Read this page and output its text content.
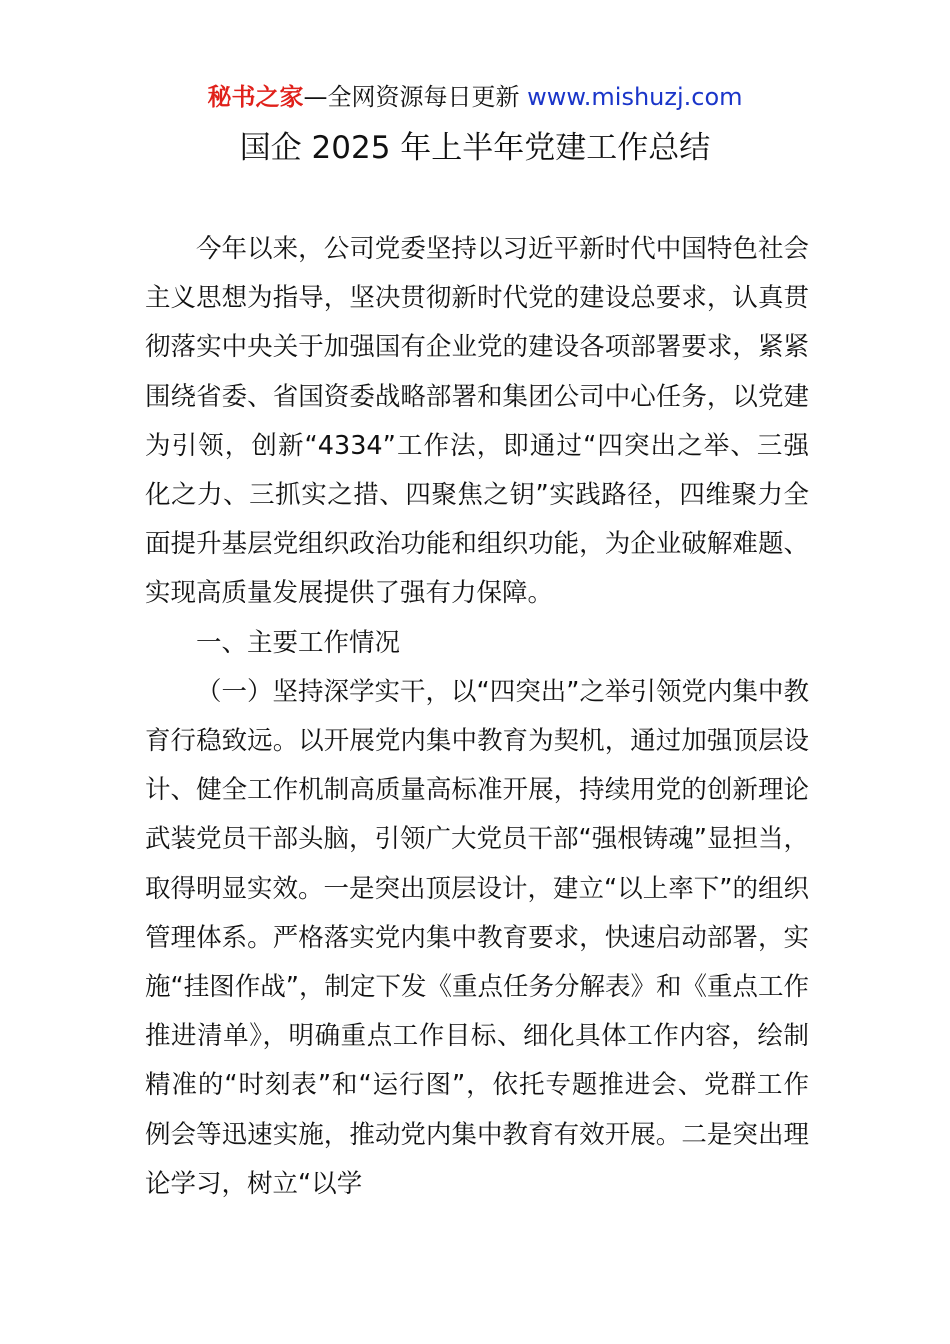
秘书之家—全网资源每日更新 www.mishuzj.com
国企 2025 年上半年党建工作总结

今年以来，公司党委坚持以习近平新时代中国特色社会主义思想为指导，坚决贯彻新时代党的建设总要求，认真贯彻落实中央关于加强国有企业党的建设各项部署要求，紧紧围绕省委、省国资委战略部署和集团公司中心任务，以党建为引领，创新“4334”工作法，即通过“四突出之举、三强化之力、三抓实之措、四聚焦之钥”实践路径，四维聚力全面提升基层党组织政治功能和组织功能，为企业破解难题、实现高质量发展提供了强有力保障。

一、主要工作情况

（一）坚持深学实干，以“四突出”之举引领党内集中教育行稳致远。以开展党内集中教育为契机，通过加强顶层设计、健全工作机制高质量高标准开展，持续用党的创新理论武装党员干部头脑，引领广大党员干部“强根铸魂”显担当，取得明显实效。一是突出顶层设计，建立“以上率下”的组织管理体系。严格落实党内集中教育要求，快速启动部署，实施“挂图作战”，制定下发《重点任务分解表》和《重点工作推进清单》，明确重点工作目标、细化具体工作内容，绘制精准的“时刻表”和“运行图”，依托专题推进会、党群工作例会等迅速实施，推动党内集中教育有效开展。二是突出理论学习，树立“以学
